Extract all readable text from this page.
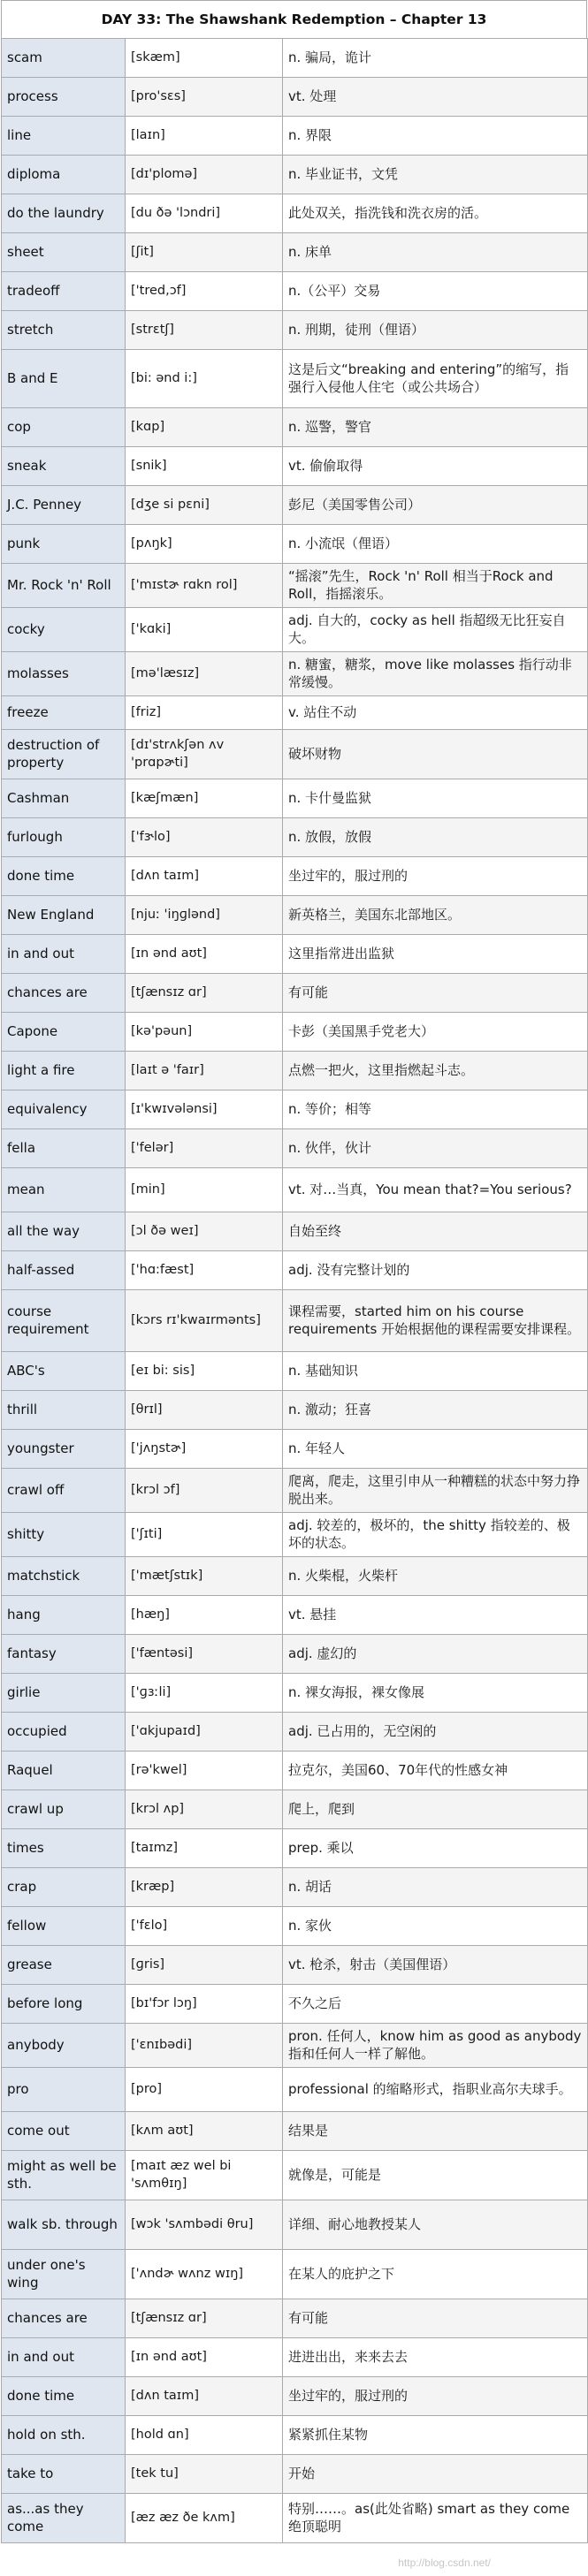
DAY 33: The Shawshank Redemption – Chapter 13
scam	[skæm]	n. 骗局，诡计
process	[pro'sɛs]	vt. 处理
line	[laɪn]	n. 界限
diploma	[dɪ'plomə]	n. 毕业证书，文凭
do the laundry	[du ðə 'lɔndri]	此处双关，指洗钱和洗衣房的活。
sheet	[ʃit]	n. 床单
tradeoff	['tred,ɔf]	n.（公平）交易
stretch	[strɛtʃ]	n. 刑期，徒刑（俚语）
B and E	[bi: ənd i:]	这是后文“breaking and entering”的缩写，指强行入侵他人住宅（或公共场合）
cop	[kɑp]	n. 巡警，警官
sneak	[snik]	vt. 偷偷取得
J.C. Penney	[dʒe si pɛni]	彭尼（美国零售公司）
punk	[pʌŋk]	n. 小流氓（俚语）
Mr. Rock 'n' Roll	['mɪstɚ rɑkn rol]	“摇滚”先生，Rock 'n' Roll 相当于Rock and Roll，指摇滚乐。
cocky	['kɑki]	adj. 自大的，cocky as hell 指超级无比狂妄自大。
molasses	[mə'læsɪz]	n. 糖蜜，糖浆，move like molasses 指行动非常缓慢。
freeze	[friz]	v. 站住不动
destruction of property	[dɪ'strʌkʃən ʌv 'prɑpɚti]	破坏财物
Cashman	[kæʃmæn]	n. 卡什曼监狱
furlough	['fɝlo]	n. 放假，放假
done time	[dʌn taɪm]	坐过牢的，服过刑的
New England	[njuː 'iŋɡlənd]	新英格兰，美国东北部地区。
in and out	[ɪn ənd aʊt]	这里指常进出监狱
chances are	[tʃænsɪz ɑr]	有可能
Capone	[kə'pəun]	卡彭（美国黑手党老大）
light a fire	[laɪt ə 'faɪr]	点燃一把火，这里指燃起斗志。
equivalency	[ɪ'kwɪvələnsi]	n. 等价；相等
fella	['felər]	n. 伙伴，伙计
mean	[min]	vt. 对…当真，You mean that?=You serious?
all the way	[ɔl ðə weɪ]	自始至终
half-assed	['hɑ:fæst]	adj. 没有完整计划的
course requirement	[kɔrs rɪ'kwaɪrmənts]	课程需要，started him on his course requirements 开始根据他的课程需要安排课程。
ABC's	[eɪ bi: sis]	n. 基础知识
thrill	[θrɪl]	n. 激动；狂喜
youngster	['jʌŋstɚ]	n. 年轻人
crawl off	[krɔl ɔf]	爬离，爬走，这里引申从一种糟糕的状态中努力挣脱出来。
shitty	['ʃɪti]	adj. 较差的，极坏的，the shitty 指较差的、极坏的状态。
matchstick	['mætʃstɪk]	n. 火柴棍，火柴杆
hang	[hæŋ]	vt. 悬挂
fantasy	['fæntəsi]	adj. 虚幻的
girlie	['ɡɜːli]	n. 裸女海报，裸女像展
occupied	['ɑkjupaɪd]	adj. 已占用的，无空闲的
Raquel	[rə'kwel]	拉克尔，美国60、70年代的性感女神
crawl up	[krɔl ʌp]	爬上，爬到
times	[taɪmz]	prep. 乘以
crap	[kræp]	n. 胡话
fellow	['fɛlo]	n. 家伙
grease	[ɡris]	vt. 枪杀，射击（美国俚语）
before long	[bɪ'fɔr lɔŋ]	不久之后
anybody	['ɛnɪbədi]	pron. 任何人，know him as good as anybody 指和任何人一样了解他。
pro	[pro]	professional 的缩略形式，指职业高尔夫球手。
come out	[kʌm aʊt]	结果是
might as well be sth.	[maɪt æz wel bi 'sʌmθɪŋ]	就像是，可能是
walk sb. through	[wɔk 'sʌmbədi θru]	详细、耐心地教授某人
under one's wing	['ʌndɚ wʌnz wɪŋ]	在某人的庇护之下
chances are	[tʃænsɪz ɑr]	有可能
in and out	[ɪn ənd aʊt]	进进出出，来来去去
done time	[dʌn taɪm]	坐过牢的，服过刑的
hold on sth.	[hold ɑn]	紧紧抓住某物
take to	[tek tu]	开始
as...as they come	[æz æz ðe kʌm]	特别……。as(此处省略) smart as they come 绝顶聪明
http://blog.csdn.net/
